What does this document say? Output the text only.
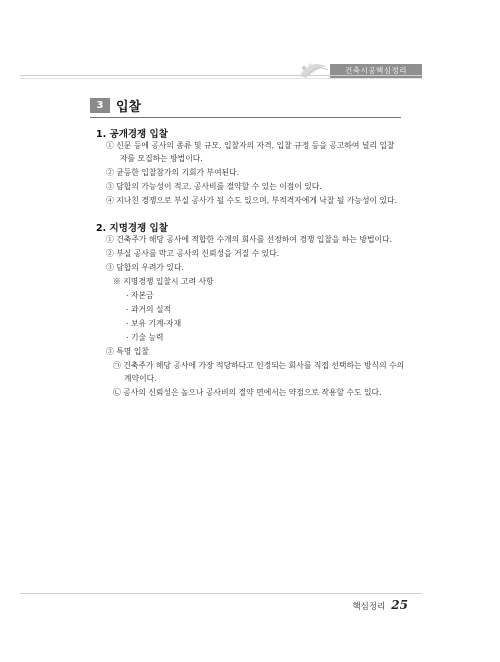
건축시공핵심정리
3 입찰
1. 공개경쟁 입찰
① 신문 등에 공사의 종류 및 규모, 입찰자의 자격, 입찰 규정 등을 공고하여 널리 입찰
자를 모집하는 방법이다.
② 균등한 입찰참가의 기회가 부여된다.
③ 담합의 가능성이 적고, 공사비를 절약할 수 있는 이점이 있다.
④ 지나친 경쟁으로 부실 공사가 될 수도 있으며, 부적격자에게 낙찰 될 가능성이 있다.
2. 지명경쟁 입찰
① 건축주가 해당 공사에 적합한 수개의 회사를 선정하여 경쟁 입찰을 하는 방법이다.
② 부실 공사를 막고 공사의 신뢰성을 거질 수 있다.
③ 담합의 우려가 있다.
※ 지명경쟁 입찰시 고려 사항
· 자본금
· 과거의 실적
· 보유 기계·자재
· 기술 능력
③ 특명 입찰
㉠ 건축주가 해당 공사에 가장 적당하다고 인정되는 회사를 직접 선택하는 방식의 수의
계약이다.
㉡ 공사의 신뢰성은 높으나 공사비의 절약 면에서는 약점으로 작용할 수도 있다.
핵심정리 25
